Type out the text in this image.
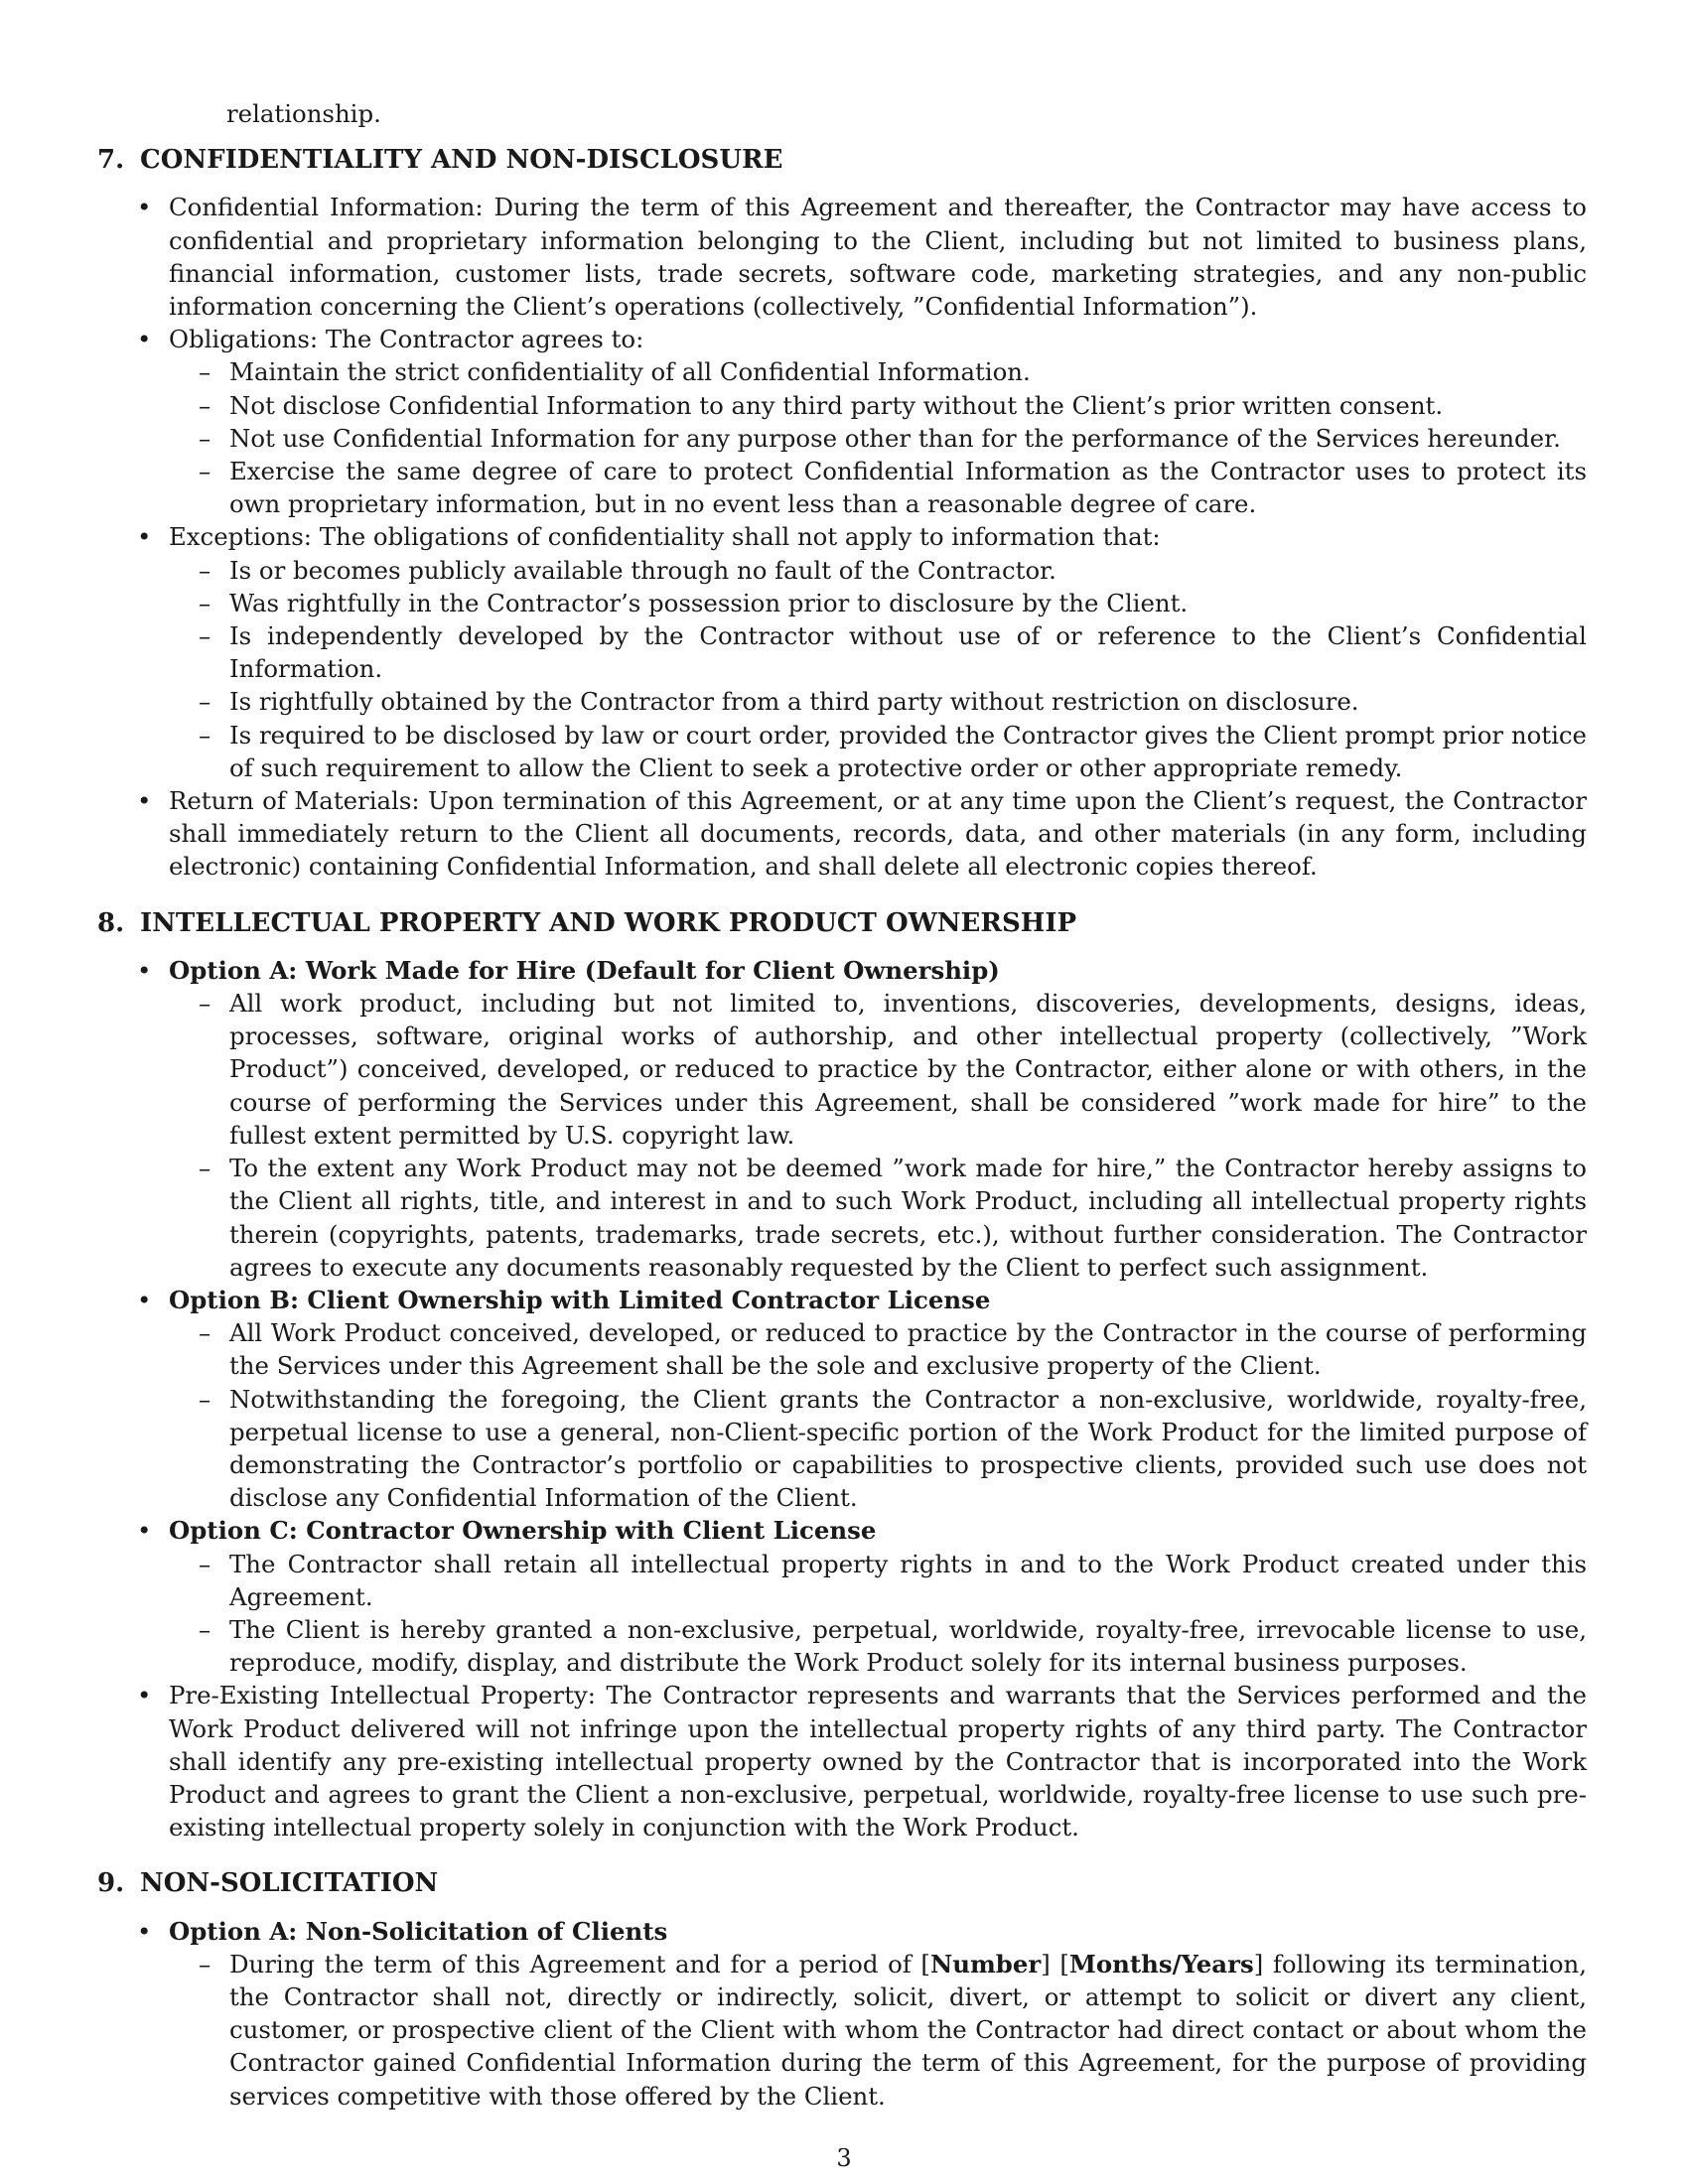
relationship.
7. CONFIDENTIALITY AND NON-DISCLOSURE
• Confidential Information: During the term of this Agreement and thereafter, the Contractor may have access to confidential and proprietary information belonging to the Client, including but not limited to business plans, financial information, customer lists, trade secrets, software code, marketing strategies, and any non-public information concerning the Client’s operations (collectively, ”Confidential Information”).
• Obligations: The Contractor agrees to:
– Maintain the strict confidentiality of all Confidential Information.
– Not disclose Confidential Information to any third party without the Client’s prior written consent.
– Not use Confidential Information for any purpose other than for the performance of the Services hereunder.
– Exercise the same degree of care to protect Confidential Information as the Contractor uses to protect its own proprietary information, but in no event less than a reasonable degree of care.
• Exceptions: The obligations of confidentiality shall not apply to information that:
– Is or becomes publicly available through no fault of the Contractor.
– Was rightfully in the Contractor’s possession prior to disclosure by the Client.
– Is independently developed by the Contractor without use of or reference to the Client’s Confidential Information.
– Is rightfully obtained by the Contractor from a third party without restriction on disclosure.
– Is required to be disclosed by law or court order, provided the Contractor gives the Client prompt prior notice of such requirement to allow the Client to seek a protective order or other appropriate remedy.
• Return of Materials: Upon termination of this Agreement, or at any time upon the Client’s request, the Contractor shall immediately return to the Client all documents, records, data, and other materials (in any form, including electronic) containing Confidential Information, and shall delete all electronic copies thereof.
8. INTELLECTUAL PROPERTY AND WORK PRODUCT OWNERSHIP
• Option A: Work Made for Hire (Default for Client Ownership)
– All work product, including but not limited to, inventions, discoveries, developments, designs, ideas, processes, software, original works of authorship, and other intellectual property (collectively, ”Work Product”) conceived, developed, or reduced to practice by the Contractor, either alone or with others, in the course of performing the Services under this Agreement, shall be considered ”work made for hire” to the fullest extent permitted by U.S. copyright law.
– To the extent any Work Product may not be deemed ”work made for hire,” the Contractor hereby assigns to the Client all rights, title, and interest in and to such Work Product, including all intellectual property rights therein (copyrights, patents, trademarks, trade secrets, etc.), without further consideration. The Contractor agrees to execute any documents reasonably requested by the Client to perfect such assignment.
• Option B: Client Ownership with Limited Contractor License
– All Work Product conceived, developed, or reduced to practice by the Contractor in the course of performing the Services under this Agreement shall be the sole and exclusive property of the Client.
– Notwithstanding the foregoing, the Client grants the Contractor a non-exclusive, worldwide, royalty-free, perpetual license to use a general, non-Client-specific portion of the Work Product for the limited purpose of demonstrating the Contractor’s portfolio or capabilities to prospective clients, provided such use does not disclose any Confidential Information of the Client.
• Option C: Contractor Ownership with Client License
– The Contractor shall retain all intellectual property rights in and to the Work Product created under this Agreement.
– The Client is hereby granted a non-exclusive, perpetual, worldwide, royalty-free, irrevocable license to use, reproduce, modify, display, and distribute the Work Product solely for its internal business purposes.
• Pre-Existing Intellectual Property: The Contractor represents and warrants that the Services performed and the Work Product delivered will not infringe upon the intellectual property rights of any third party. The Contractor shall identify any pre-existing intellectual property owned by the Contractor that is incorporated into the Work Product and agrees to grant the Client a non-exclusive, perpetual, worldwide, royalty-free license to use such pre-existing intellectual property solely in conjunction with the Work Product.
9. NON-SOLICITATION
• Option A: Non-Solicitation of Clients
– During the term of this Agreement and for a period of [Number] [Months/Years] following its termination, the Contractor shall not, directly or indirectly, solicit, divert, or attempt to solicit or divert any client, customer, or prospective client of the Client with whom the Contractor had direct contact or about whom the Contractor gained Confidential Information during the term of this Agreement, for the purpose of providing services competitive with those offered by the Client.
3
